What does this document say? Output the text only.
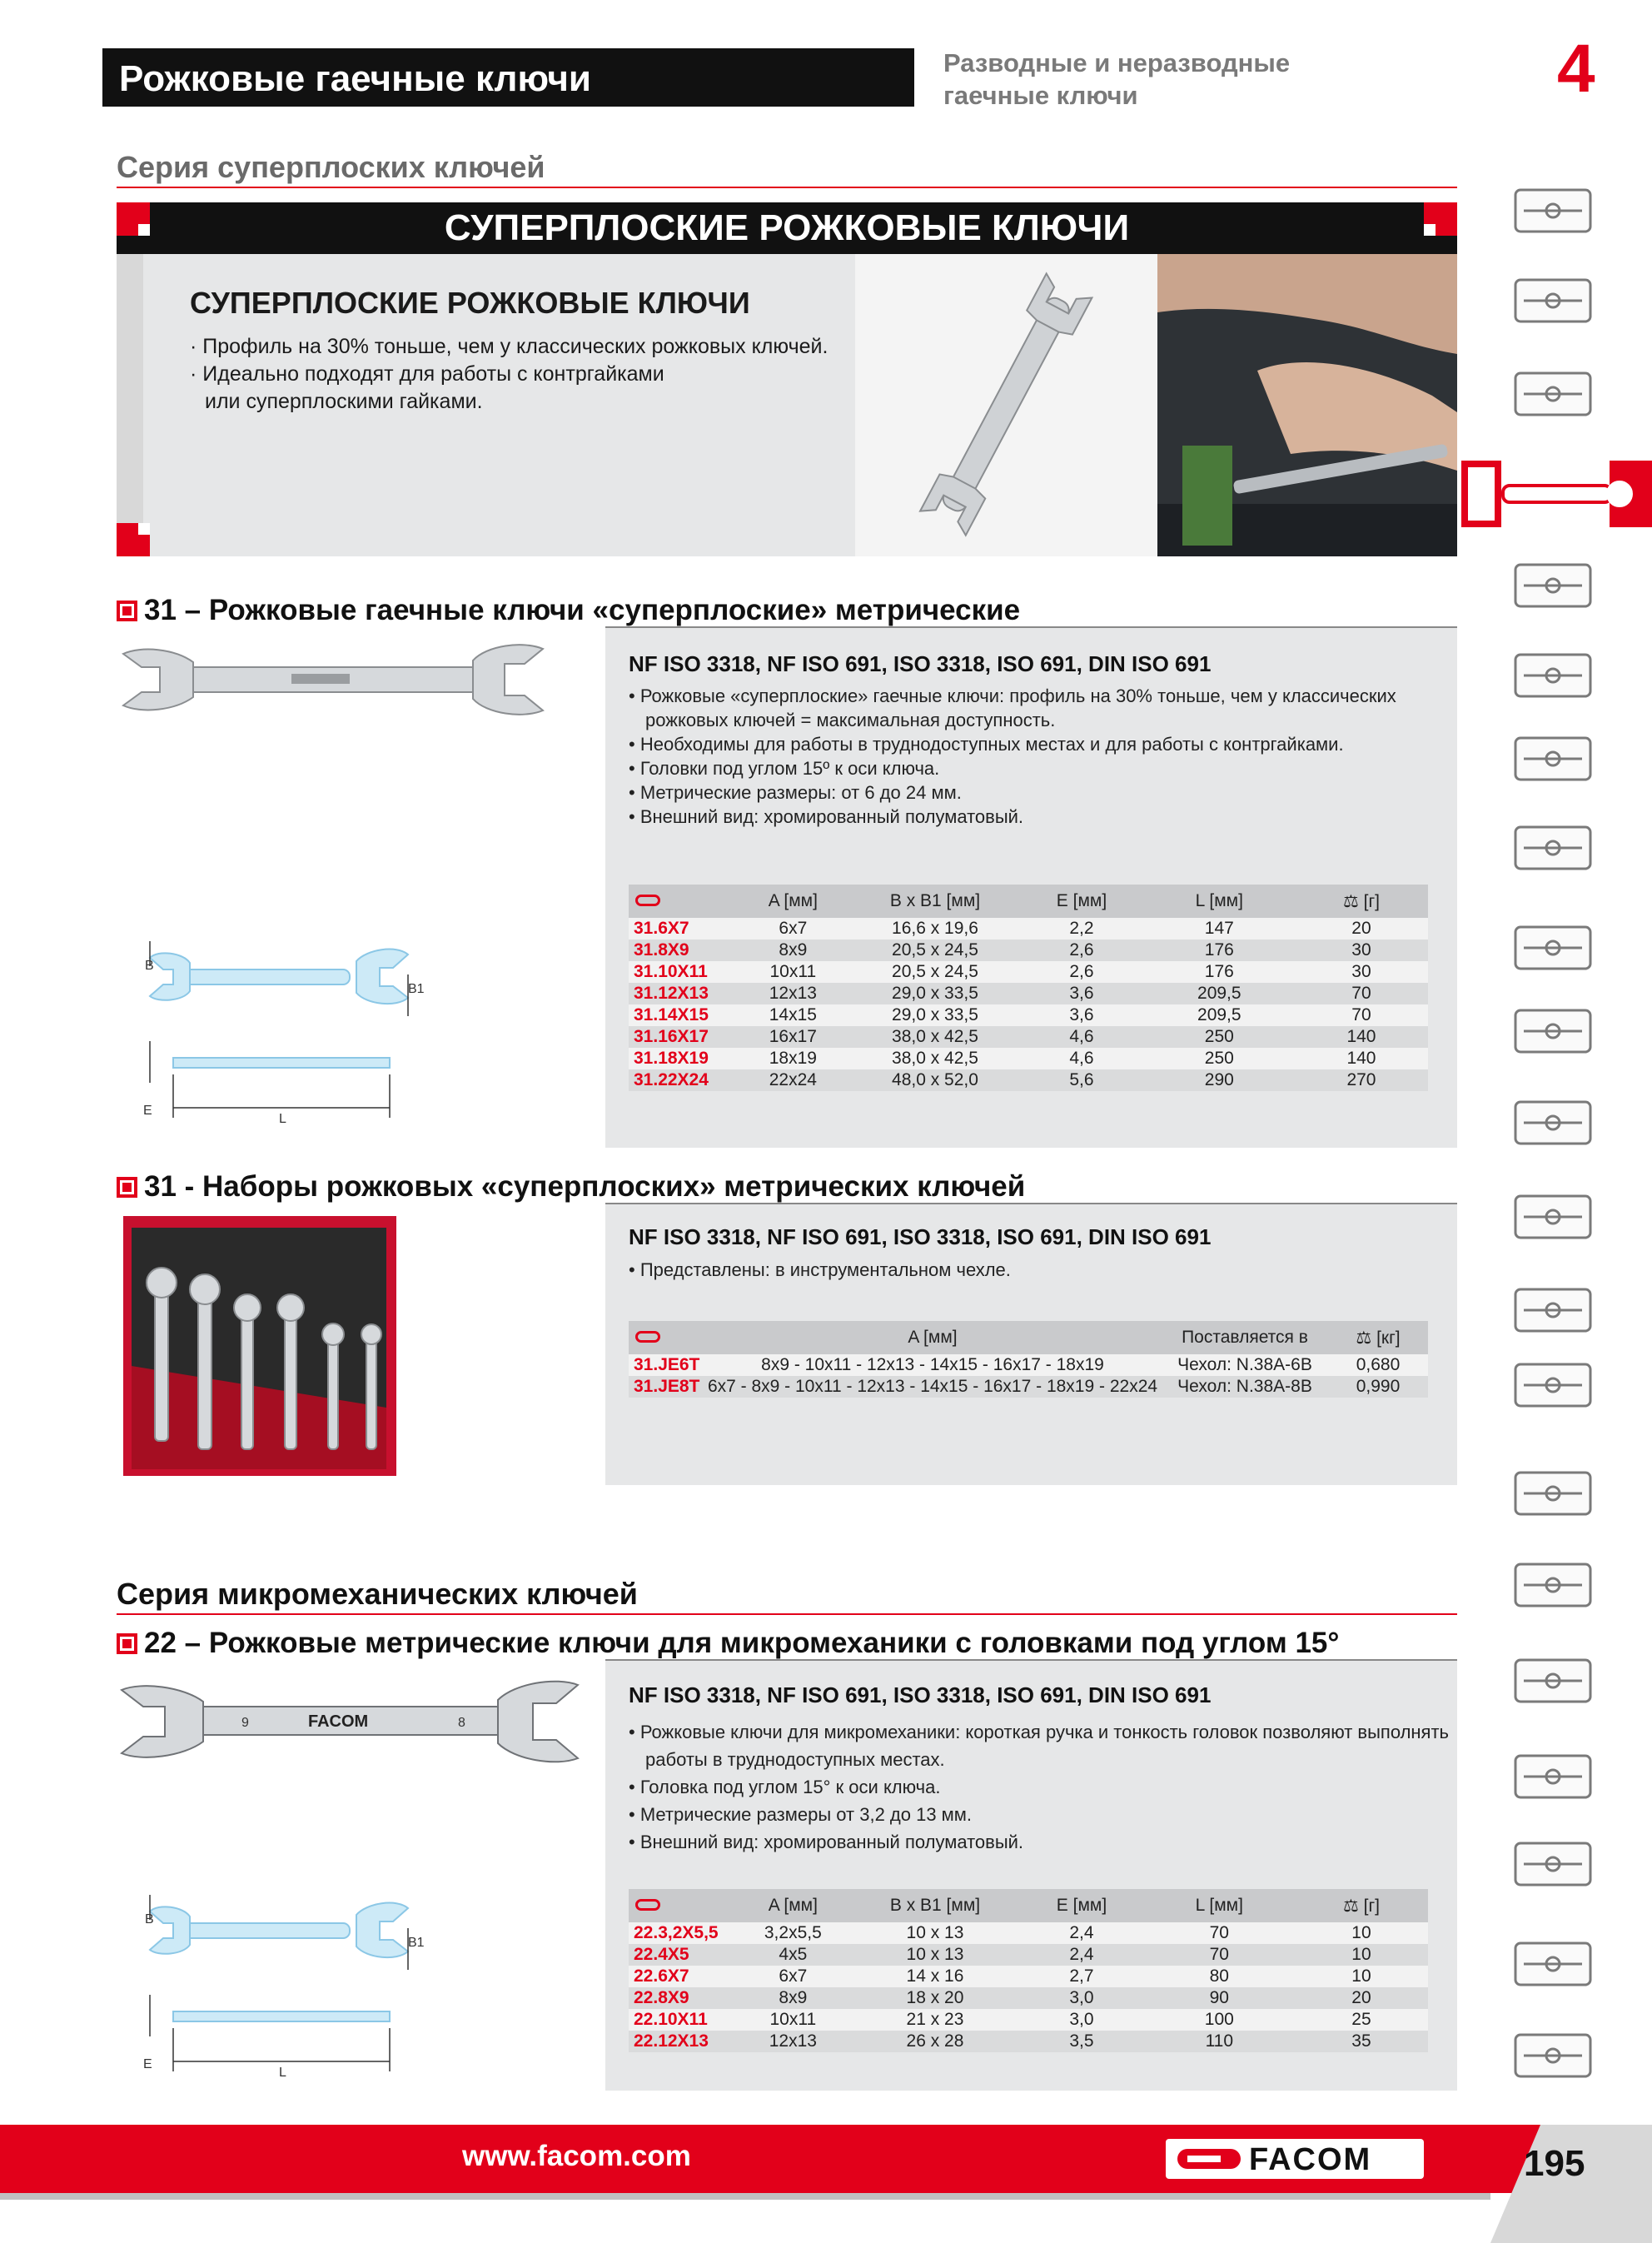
Рожковые гаечные ключи	Разводные и неразводные
гаечные ключи	4
Серия суперплоских ключей
СУПЕРПЛОСКИЕ РОЖКОВЫЕ КЛЮЧИ
СУПЕРПЛОСКИЕ РОЖКОВЫЕ КЛЮЧИ
· Профиль на 30% тоньше, чем у классических рожковых ключей.
· Идеально подходят для работы с контргайками
или суперплоскими гайками.
31 – Рожковые гаечные ключи «суперплоские» метрические
NF ISO 3318, NF ISO 691, ISO 3318, ISO 691, DIN ISO 691
• Рожковые «суперплоские» гаечные ключи: профиль на 30% тоньше, чем у классических
рожковых ключей = максимальная доступность.
• Необходимы для работы в труднодоступных местах и для работы с контргайками.
• Головки под углом 15º к оси ключа.
• Метрические размеры: от 6 до 24 мм.
• Внешний вид: хромированный полуматовый.
B
B1
E
L
	A [мм]	B x B1 [мм]	E [мм]	L [мм]	⚖ [г]
31.6X7	6x7	16,6 x 19,6	2,2	147	20
31.8X9	8x9	20,5 x 24,5	2,6	176	30
31.10X11	10x11	20,5 x 24,5	2,6	176	30
31.12X13	12x13	29,0 x 33,5	3,6	209,5	70
31.14X15	14x15	29,0 x 33,5	3,6	209,5	70
31.16X17	16x17	38,0 x 42,5	4,6	250	140
31.18X19	18x19	38,0 x 42,5	4,6	250	140
31.22X24	22x24	48,0 x 52,0	5,6	290	270
31 - Наборы рожковых «суперплоских» метрических ключей
NF ISO 3318, NF ISO 691, ISO 3318, ISO 691, DIN ISO 691
• Представлены: в инструментальном чехле.
	A [мм]	Поставляется в	⚖ [кг]
31.JE6T	8x9 - 10x11 - 12x13 - 14x15 - 16x17 - 18x19	Чехол: N.38A-6B	0,680
31.JE8T	6x7 - 8x9 - 10x11 - 12x13 - 14x15 - 16x17 - 18x19 - 22x24	Чехол: N.38A-8B	0,990
Серия микромеханических ключей
22 – Рожковые метрические ключи для микромеханики с головками под углом 15°
NF ISO 3318, NF ISO 691, ISO 3318, ISO 691, DIN ISO 691
• Рожковые ключи для микромеханики: короткая ручка и тонкость головок позволяют выполнять
работы в труднодоступных местах.
• Головка под углом 15° к оси ключа.
• Метрические размеры от 3,2 до 13 мм.
• Внешний вид: хромированный полуматовый.
9	FACOM	8
B
B1
E
L
	A [мм]	B x B1 [мм]	E [мм]	L [мм]	⚖ [г]
22.3,2X5,5	3,2x5,5	10 x 13	2,4	70	10
22.4X5	4x5	10 x 13	2,4	70	10
22.6X7	6x7	14 x 16	2,7	80	10
22.8X9	8x9	18 x 20	3,0	90	20
22.10X11	10x11	21 x 23	3,0	100	25
22.12X13	12x13	26 x 28	3,5	110	35
www.facom.com	FACOM	195
